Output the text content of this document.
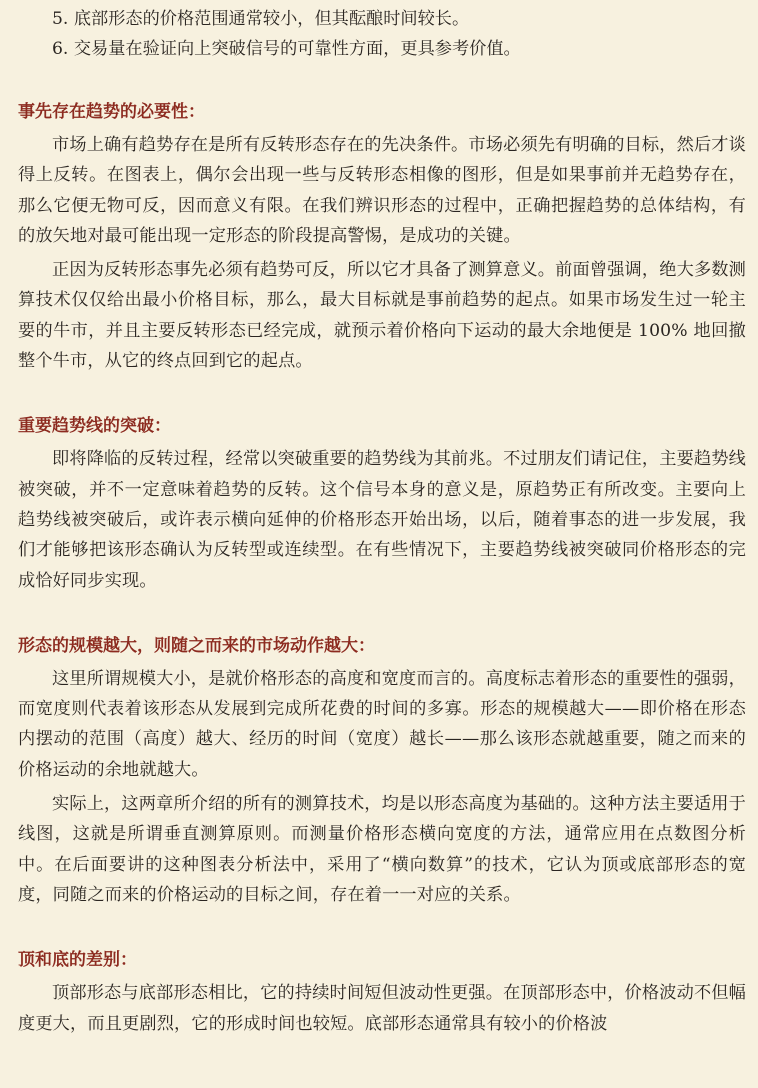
5. 底部形态的价格范围通常较小，但其酝酿时间较长。

6. 交易量在验证向上突破信号的可靠性方面，更具参考价值。

事先存在趋势的必要性：

市场上确有趋势存在是所有反转形态存在的先决条件。市场必须先有明确的目标，然后才谈得上反转。在图表上，偶尔会出现一些与反转形态相像的图形，但是如果事前并无趋势存在，那么它便无物可反，因而意义有限。在我们辨识形态的过程中，正确把握趋势的总体结构，有的放矢地对最可能出现一定形态的阶段提高警惕，是成功的关键。

正因为反转形态事先必须有趋势可反，所以它才具备了测算意义。前面曾强调，绝大多数测算技术仅仅给出最小价格目标，那么，最大目标就是事前趋势的起点。如果市场发生过一轮主要的牛市，并且主要反转形态已经完成，就预示着价格向下运动的最大余地便是 100% 地回撤整个牛市，从它的终点回到它的起点。

重要趋势线的突破：

即将降临的反转过程，经常以突破重要的趋势线为其前兆。不过朋友们请记住，主要趋势线被突破，并不一定意味着趋势的反转。这个信号本身的意义是，原趋势正有所改变。主要向上趋势线被突破后，或许表示横向延伸的价格形态开始出场，以后，随着事态的进一步发展，我们才能够把该形态确认为反转型或连续型。在有些情况下，主要趋势线被突破同价格形态的完成恰好同步实现。

形态的规模越大，则随之而来的市场动作越大：

这里所谓规模大小，是就价格形态的高度和宽度而言的。高度标志着形态的重要性的强弱，而宽度则代表着该形态从发展到完成所花费的时间的多寡。形态的规模越大——即价格在形态内摆动的范围（高度）越大、经历的时间（宽度）越长——那么该形态就越重要，随之而来的价格运动的余地就越大。

实际上，这两章所介绍的所有的测算技术，均是以形态高度为基础的。这种方法主要适用于线图，这就是所谓垂直测算原则。而测量价格形态横向宽度的方法，通常应用在点数图分析中。在后面要讲的这种图表分析法中，采用了“横向数算”的技术，它认为顶或底部形态的宽度，同随之而来的价格运动的目标之间，存在着一一对应的关系。

顶和底的差别：

顶部形态与底部形态相比，它的持续时间短但波动性更强。在顶部形态中，价格波动不但幅度更大，而且更剧烈，它的形成时间也较短。底部形态通常具有较小的价格波
